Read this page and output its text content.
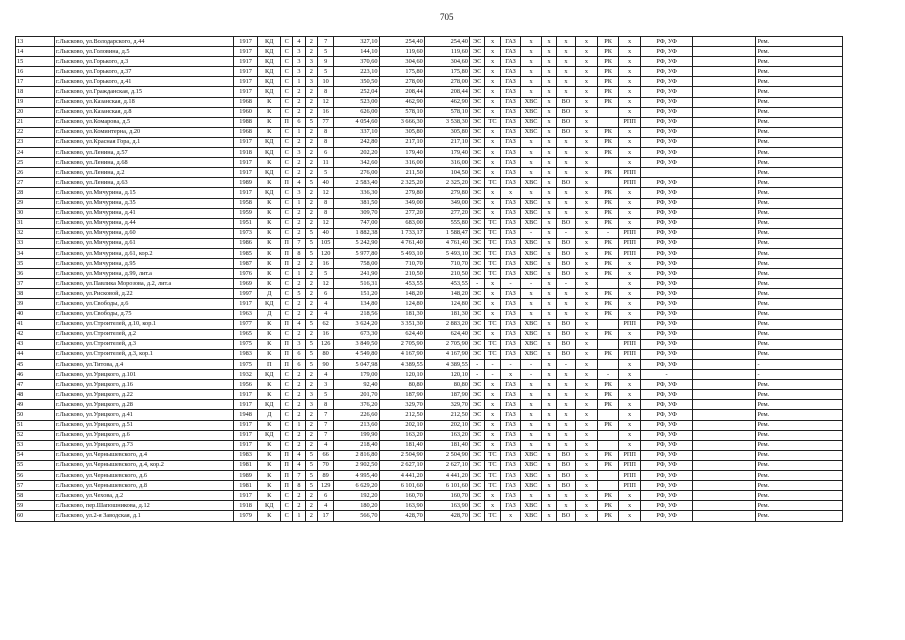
705
13	г.Лысково, ул.Володарского, д.44	1917	КД	С	4	2	7	327,10	254,40	254,40	ЭС	х	ГАЗ	х	х	х	х	РК	х	РФ, УФ		Рем.
14	г.Лысково, ул.Головина, д.5	1917	КД	С	3	2	5	144,10	119,60	119,60	ЭС	х	ГАЗ	х	х	х	х	РК	х	РФ, УФ		Рем.
15	г.Лысково, ул.Горького, д.3	1917	КД	С	3	3	9	370,60	304,60	304,60	ЭС	х	ГАЗ	х	х	х	х	РК	х	РФ, УФ		Рем.
16	г.Лысково, ул.Горького, д.37	1917	КД	С	3	2	5	223,10	175,80	175,80	ЭС	х	ГАЗ	х	х	х	х	РК	х	РФ, УФ		Рем.
17	г.Лысково, ул.Горького, д.41	1917	КД	С	1	3	10	350,50	278,00	278,00	ЭС	х	ГАЗ	х	х	х	х	РК	х	РФ, УФ		Рем.
18	г.Лысково, ул.Гражданская, д.15	1917	КД	С	2	2	8	252,04	208,44	208,44	ЭС	х	ГАЗ	х	х	х	х	РК	х	РФ, УФ		Рем.
19	г.Лысково, ул.Казанская, д.18	1968	К	С	2	2	12	523,00	462,90	462,90	ЭС	х	ГАЗ	ХВС	х	ВО	х	РК	х	РФ, УФ		Рем.
20	г.Лысково, ул.Казанская, д.8	1960	К	С	2	2	16	626,00	578,10	578,10	ЭС	х	ГАЗ	ХВС	х	ВО	х		х	РФ, УФ		Рем.
21	г.Лысково, ул.Комарова, д.5	1988	К	П	6	5	77	4 054,60	3 666,30	3 538,30	ЭС	ТС	ГАЗ	ХВС	х	ВО	х		РПП	РФ, УФ		Рем.
22	г.Лысково, ул.Коминтерна, д.20	1968	К	С	1	2	8	337,10	305,80	305,80	ЭС	х	ГАЗ	ХВС	х	ВО	х	РК	х	РФ, УФ		Рем.
23	г.Лысково, ул.Красная Гора, д.1	1917	КД	С	2	2	8	242,80	217,10	217,10	ЭС	х	ГАЗ	х	х	х	х	РК	х	РФ, УФ		Рем.
24	г.Лысково, ул.Ленина, д.57	1918	КД	С	3	2	6	202,20	179,40	179,40	ЭС	х	ГАЗ	х	х	х	х	РК	х	РФ, УФ		Рем.
25	г.Лысково, ул.Ленина, д.68	1917	К	С	2	2	11	342,60	316,00	316,00	ЭС	х	ГАЗ	х	х	х	х		х	РФ, УФ		Рем.
26	г.Лысково, ул.Ленина, д.2	1917	КД	С	2	2	5	276,00	211,50	104,50	ЭС	х	ГАЗ	х	х	х	х	РК	РПП			Рем.
27	г.Лысково, ул.Ленина, д.63	1989	К	П	4	5	40	2 583,40	2 325,20	2 325,20	ЭС	ТС	ГАЗ	ХВС	х	ВО	х		РПП	РФ, УФ		Рем.
28	г.Лысково, ул.Мичурина, д.15	1917	КД	С	3	2	12	336,30	279,80	279,80	ЭС	х	х	х	х	х	х	РК	х	РФ, УФ		Рем.
29	г.Лысково, ул.Мичурина, д.35	1958	К	С	1	2	8	381,50	349,00	349,00	ЭС	х	ГАЗ	ХВС	х	х	х	РК	х	РФ, УФ		Рем.
30	г.Лысково, ул.Мичурина, д.41	1959	К	С	2	2	8	309,70	277,20	277,20	ЭС	х	ГАЗ	ХВС	х	х	х	РК	х	РФ, УФ		Рем.
31	г.Лысково, ул.Мичурина, д.44	1951	К	С	2	2	12	747,00	683,00	555,80	ЭС	ТС	ГАЗ	ХВС	х	ВО	х	РК	х	РФ, УФ		Рем.
32	г.Лысково, ул.Мичурина, д.60	1973	К	С	2	5	40	1 882,38	1 733,17	1 588,47	ЭС	ТС	ГАЗ	-	х	-	х	-	РПП	РФ, УФ		Рем.
33	г.Лысково, ул.Мичурина, д.61	1986	К	П	7	5	105	5 242,90	4 761,40	4 761,40	ЭС	ТС	ГАЗ	ХВС	х	ВО	х	РК	РПП	РФ, УФ		Рем.
34	г.Лысково, ул.Мичурина, д.61, кор.2	1985	К	П	8	5	120	5 977,80	5 493,10	5 493,10	ЭС	ТС	ГАЗ	ХВС	х	ВО	х	РК	РПП	РФ, УФ		Рем.
35	г.Лысково, ул.Мичурина, д.95	1987	К	П	2	2	16	758,00	710,70	710,70	ЭС	ТС	ГАЗ	ХВС	х	ВО	х	РК	х	РФ, УФ		Рем.
36	г.Лысково, ул.Мичурина, д.99, лит.а	1976	К	С	1	2	5	241,90	210,50	210,50	ЭС	ТС	ГАЗ	ХВС	х	ВО	х	РК	х	РФ, УФ		Рем.
37	г.Лысково, ул.Павлика Морозова, д.2, лит.а	1969	К	С	2	2	12	516,31	453,55	453,55	-	х	-	-	х	-	х		х	РФ, УФ		Рем.
38	г.Лысково, ул.Рисковой, д.22	1997	Д	С	5	2	6	151,20	148,20	148,20	ЭС	х	ГАЗ	х	х	х	х	РК	х	РФ, УФ		Рем.
39	г.Лысково, ул.Свободы, д.6	1917	КД	С	2	2	4	134,80	124,80	124,80	ЭС	х	ГАЗ	х	х	х	х	РК	х	РФ, УФ		Рем.
40	г.Лысково, ул.Свободы, д.75	1963	Д	С	2	2	4	218,56	181,30	181,30	ЭС	х	ГАЗ	х	х	х	х	РК	х	РФ, УФ		Рем.
41	г.Лысково, ул.Строителей, д.10, кор.1	1977	К	П	4	5	62	3 624,20	3 351,30	2 883,20	ЭС	ТС	ГАЗ	ХВС	х	ВО	х		РПП	РФ, УФ		Рем.
42	г.Лысково, ул.Строителей, д.2	1965	К	С	2	2	16	673,30	624,40	624,40	ЭС	х	ГАЗ	ХВС	х	ВО	х	РК	х	РФ, УФ		Рем.
43	г.Лысково, ул.Строителей, д.3	1975	К	П	3	5	126	3 849,50	2 705,90	2 705,90	ЭС	ТС	ГАЗ	ХВС	х	ВО	х		РПП	РФ, УФ		Рем.
44	г.Лысково, ул.Строителей, д.3, кор.1	1983	К	П	6	5	80	4 549,80	4 167,90	4 167,90	ЭС	ТС	ГАЗ	ХВС	х	ВО	х	РК	РПП	РФ, УФ		Рем.
45	г.Лысково, ул.Титова, д.4	1975	П	П	6	5	90	5 047,98	4 389,55	4 389,55	-	-	-	-	х	-	х		х	РФ, УФ		-
46	г.Лысково, ул.Урицкого, д.101	1932	КД	С	2	2	4	179,00	120,10	120,10	-	-	х	-	х	х	х	-	х	-		-
47	г.Лысково, ул.Урицкого, д.16	1956	К	С	2	2	3	92,40	80,80	80,80	ЭС	х	ГАЗ	х	х	х	х	РК	х	РФ, УФ		Рем.
48	г.Лысково, ул.Урицкого, д.22	1917	К	С	2	3	5	201,70	187,90	187,90	ЭС	х	ГАЗ	х	х	х	х	РК	х	РФ, УФ		Рем.
49	г.Лысково, ул.Урицкого, д.28	1917	КД	С	2	3	8	376,20	329,70	329,70	ЭС	х	ГАЗ	х	х	х	х	РК	х	РФ, УФ		Рем.
50	г.Лысково, ул.Урицкого, д.41	1948	Д	С	2	2	7	226,60	212,50	212,50	ЭС	х	ГАЗ	х	х	х	х		х	РФ, УФ		Рем.
51	г.Лысково, ул.Урицкого, д.51	1917	К	С	1	2	7	213,60	202,10	202,10	ЭС	х	ГАЗ	х	х	х	х	РК	х	РФ, УФ		Рем.
52	г.Лысково, ул.Урицкого, д.6	1917	КД	С	2	2	7	199,90	163,20	163,20	ЭС	х	ГАЗ	х	х	х	х		х	РФ, УФ		Рем.
53	г.Лысково, ул.Урицкого, д.73	1917	К	С	2	2	4	218,40	181,40	181,40	ЭС	х	ГАЗ	х	х	х	х		х	РФ, УФ		Рем.
54	г.Лысково, ул.Чернышевского, д.4	1983	К	П	4	5	66	2 816,80	2 504,90	2 504,90	ЭС	ТС	ГАЗ	ХВС	х	ВО	х	РК	РПП	РФ, УФ		Рем.
55	г.Лысково, ул.Чернышевского, д.4, кор.2	1981	К	П	4	5	70	2 902,50	2 627,10	2 627,10	ЭС	ТС	ГАЗ	ХВС	х	ВО	х	РК	РПП	РФ, УФ		Рем.
56	г.Лысково, ул.Чернышевского, д.6	1989	К	П	7	5	89	4 995,40	4 441,20	4 441,20	ЭС	ТС	ГАЗ	ХВС	х	ВО	х		РПП	РФ, УФ		Рем.
57	г.Лысково, ул.Чернышевского, д.8	1981	К	П	8	5	129	6 629,20	6 101,60	6 101,60	ЭС	ТС	ГАЗ	ХВС	х	ВО	х		РПП	РФ, УФ		Рем.
58	г.Лысково, ул.Чехова, д.2	1917	К	С	2	2	6	192,20	160,70	160,70	ЭС	х	ГАЗ	х	х	х	х	РК	х	РФ, УФ		Рем.
59	г.Лысково, пер.Шапошникова, д.12	1918	КД	С	2	2	4	180,20	163,90	163,90	ЭС	х	ГАЗ	ХВС	х	х	х	РК	х	РФ, УФ		Рем.
60	г.Лысково, ул.2-я Заводская, д.1	1979	К	С	1	2	17	566,70	428,70	428,70	ЭС	ТС	х	ХВС	х	ВО	х	РК	х	РФ, УФ		Рем.
